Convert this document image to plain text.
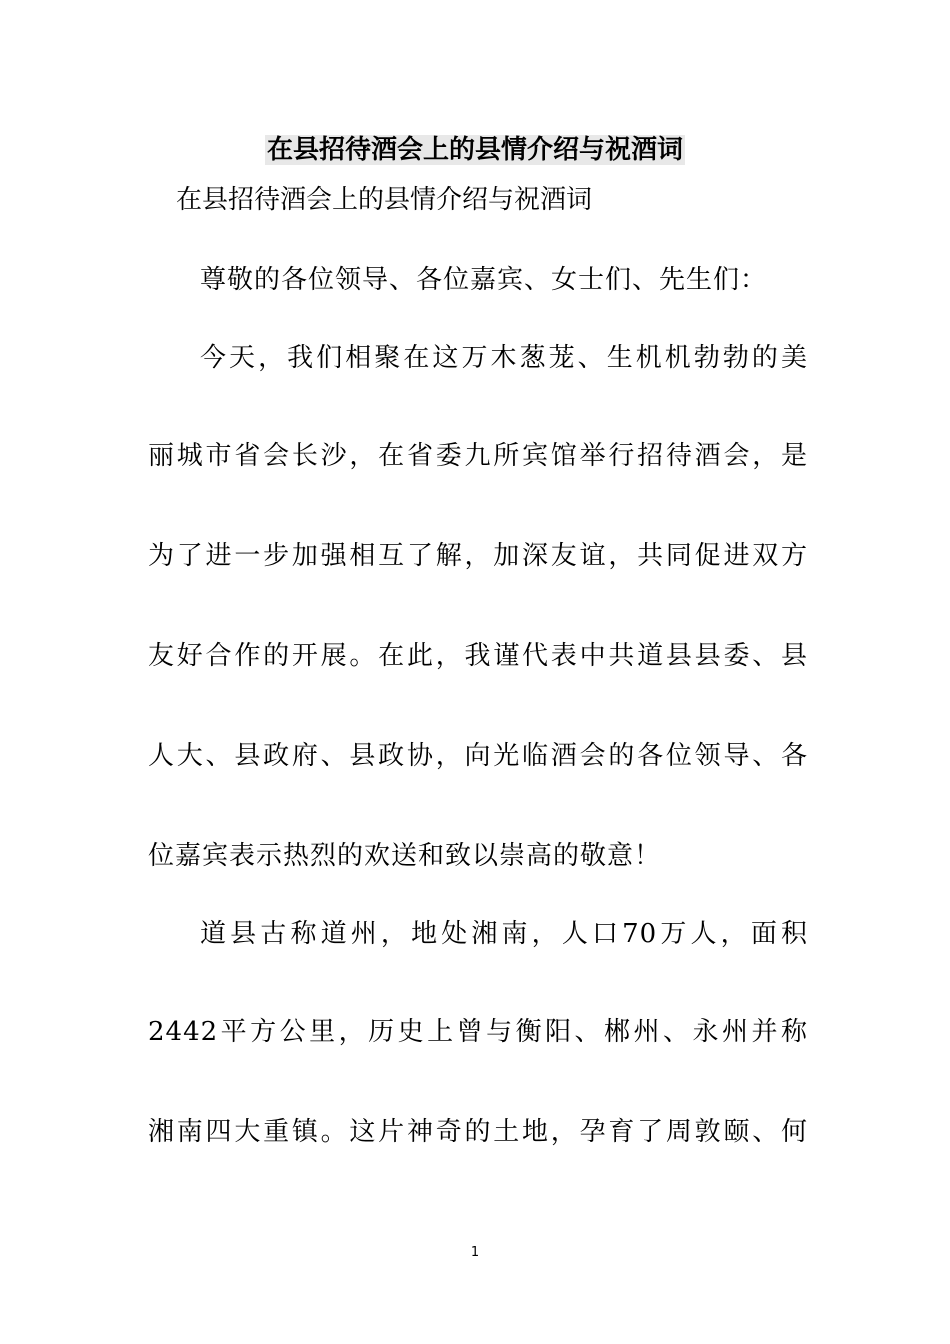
在县招待酒会上的县情介绍与祝酒词
在县招待酒会上的县情介绍与祝酒词
尊敬的各位领导、各位嘉宾、女士们、先生们：
今天，我们相聚在这万木葱茏、生机机勃勃的美
丽城市省会长沙，在省委九所宾馆举行招待酒会，是
为了进一步加强相互了解，加深友谊，共同促进双方
友好合作的开展。在此，我谨代表中共道县县委、县
人大、县政府、县政协，向光临酒会的各位领导、各
位嘉宾表示热烈的欢送和致以崇高的敬意！
道县古称道州，地处湘南，人口70万人，面积
2442平方公里，历史上曾与衡阳、郴州、永州并称
湘南四大重镇。这片神奇的土地，孕育了周敦颐、何
1
